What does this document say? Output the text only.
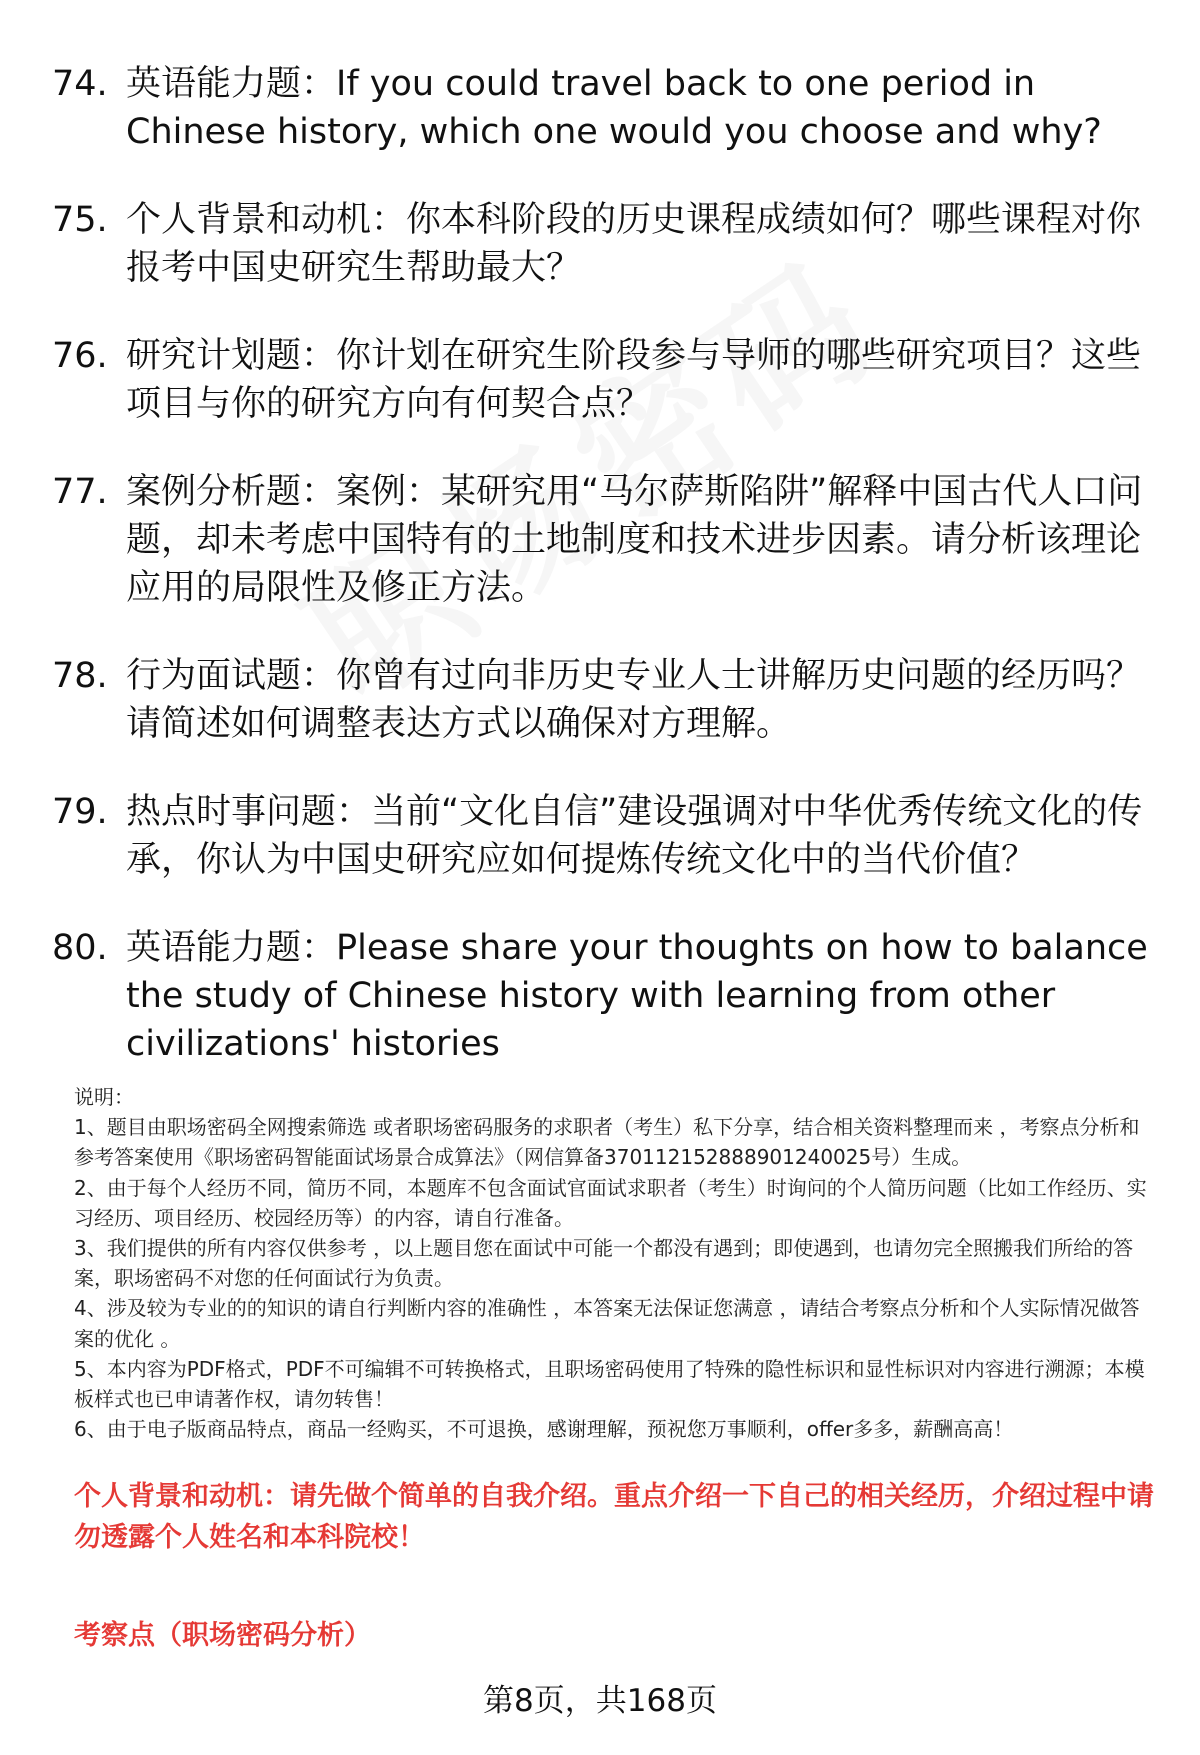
74. 英语能力题：If you could travel back to one period in Chinese history, which one would you choose and why?
75. 个人背景和动机：你本科阶段的历史课程成绩如何？哪些课程对你报考中国史研究生帮助最大？
76. 研究计划题：你计划在研究生阶段参与导师的哪些研究项目？这些项目与你的研究方向有何契合点？
77. 案例分析题：案例：某研究用“马尔萨斯陷阱”解释中国古代人口问题，却未考虑中国特有的土地制度和技术进步因素。请分析该理论应用的局限性及修正方法。
78. 行为面试题：你曾有过向非历史专业人士讲解历史问题的经历吗？请简述如何调整表达方式以确保对方理解。
79. 热点时事问题：当前“文化自信”建设强调对中华优秀传统文化的传承，你认为中国史研究应如何提炼传统文化中的当代价值？
80. 英语能力题：Please share your thoughts on how to balance the study of Chinese history with learning from other civilizations' histories

说明：

1、题目由职场密码全网搜索筛选 或者职场密码服务的求职者（考生）私下分享，结合相关资料整理而来 ，考察点分析和参考答案使用《职场密码智能面试场景合成算法》（网信算备370112152888901240025号）生成。

2、由于每个人经历不同，简历不同，本题库不包含面试官面试求职者（考生）时询问的个人简历问题（比如工作经历、实习经历、项目经历、校园经历等）的内容，请自行准备。

3、我们提供的所有内容仅供参考 ，以上题目您在面试中可能一个都没有遇到；即使遇到，也请勿完全照搬我们所给的答案，职场密码不对您的任何面试行为负责。

4、涉及较为专业的的知识的请自行判断内容的准确性 ，本答案无法保证您满意 ，请结合考察点分析和个人实际情况做答案的优化 。

5、本内容为PDF格式，PDF不可编辑不可转换格式，且职场密码使用了特殊的隐性标识和显性标识对内容进行溯源；本模板样式也已申请著作权，请勿转售！

6、由于电子版商品特点，商品一经购买，不可退换，感谢理解，预祝您万事顺利，offer多多，薪酬高高！

个人背景和动机：请先做个简单的自我介绍。重点介绍一下自己的相关经历，介绍过程中请勿透露个人姓名和本科院校！
考察点（职场密码分析）
第8页，共168页
